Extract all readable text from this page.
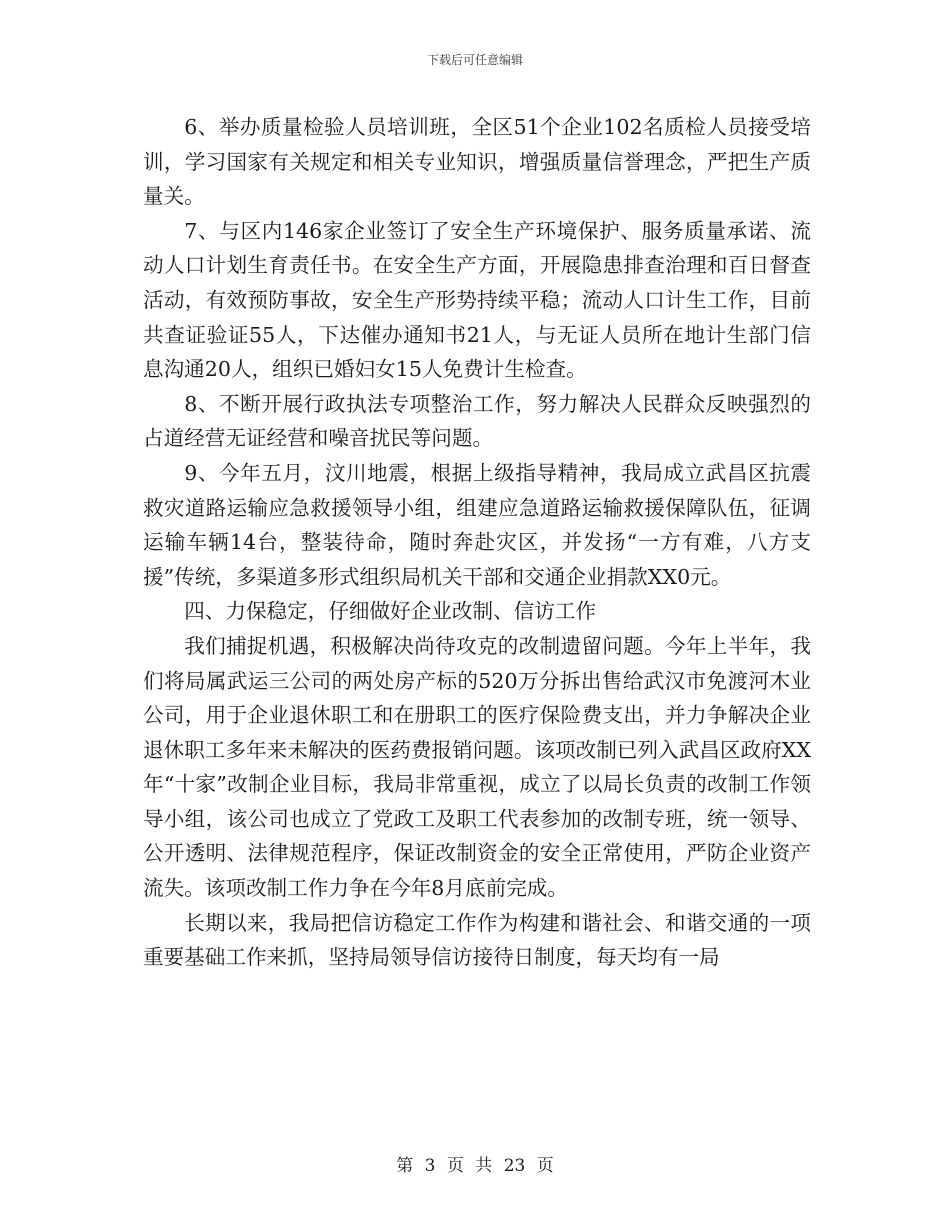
下载后可任意编辑

6、举办质量检验人员培训班，全区51个企业102名质检人员接受培训，学习国家有关规定和相关专业知识，增强质量信誉理念，严把生产质量关。

7、与区内146家企业签订了安全生产环境保护、服务质量承诺、流动人口计划生育责任书。在安全生产方面，开展隐患排查治理和百日督查活动，有效预防事故，安全生产形势持续平稳；流动人口计生工作，目前共查证验证55人，下达催办通知书21人，与无证人员所在地计生部门信息沟通20人，组织已婚妇女15人免费计生检查。

8、不断开展行政执法专项整治工作，努力解决人民群众反映强烈的占道经营无证经营和噪音扰民等问题。

9、今年五月，汶川地震，根据上级指导精神，我局成立武昌区抗震救灾道路运输应急救援领导小组，组建应急道路运输救援保障队伍，征调运输车辆14台，整装待命，随时奔赴灾区，并发扬“一方有难，八方支援”传统，多渠道多形式组织局机关干部和交通企业捐款XX0元。

四、力保稳定，仔细做好企业改制、信访工作

我们捕捉机遇，积极解决尚待攻克的改制遗留问题。今年上半年，我们将局属武运三公司的两处房产标的520万分拆出售给武汉市免渡河木业公司，用于企业退休职工和在册职工的医疗保险费支出，并力争解决企业退休职工多年来未解决的医药费报销问题。该项改制已列入武昌区政府XX年“十家”改制企业目标，我局非常重视，成立了以局长负责的改制工作领导小组，该公司也成立了党政工及职工代表参加的改制专班，统一领导、公开透明、法律规范程序，保证改制资金的安全正常使用，严防企业资产流失。该项改制工作力争在今年8月底前完成。

长期以来，我局把信访稳定工作作为构建和谐社会、和谐交通的一项重要基础工作来抓，坚持局领导信访接待日制度，每天均有一局

第 3 页 共 23 页
